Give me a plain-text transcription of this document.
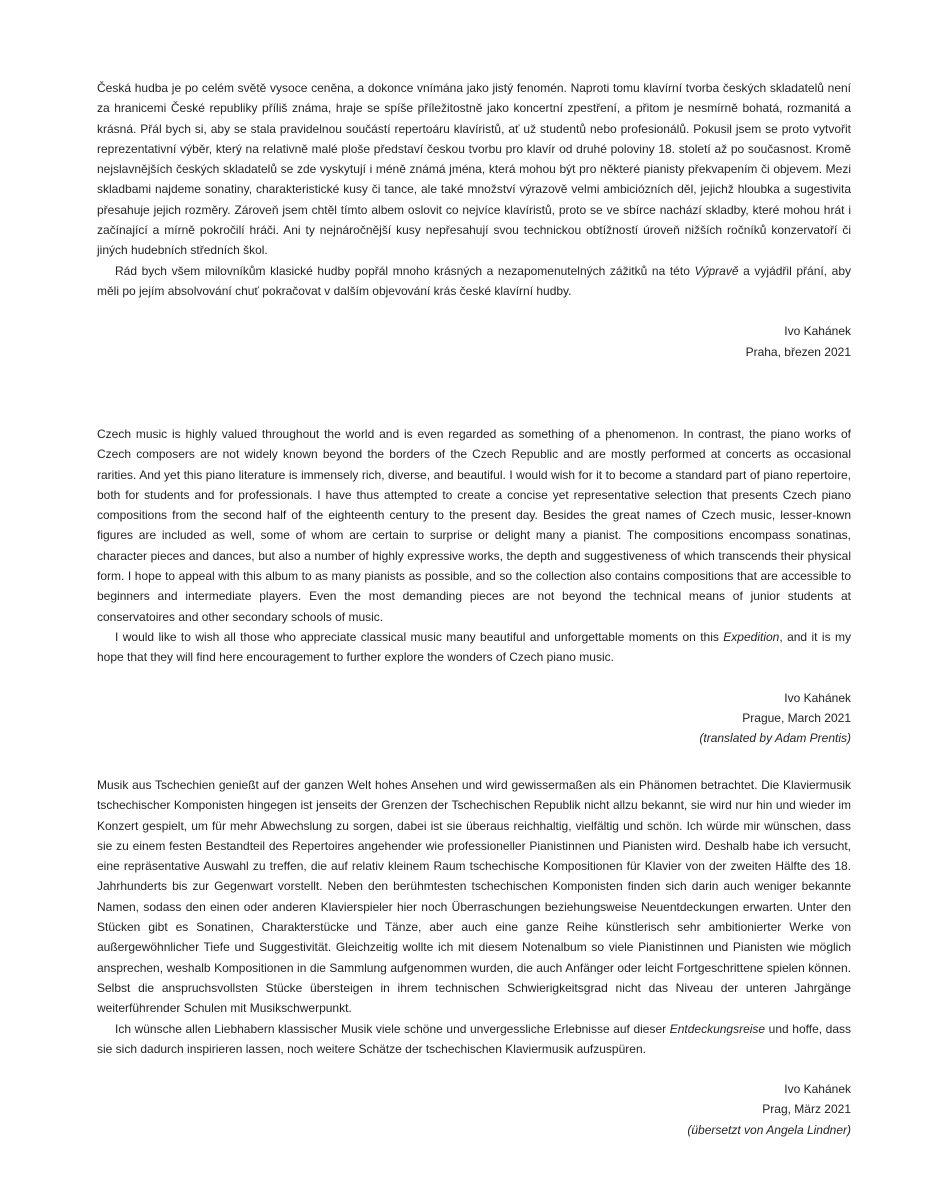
Česká hudba je po celém světě vysoce ceněna, a dokonce vnímána jako jistý fenomén. Naproti tomu klavírní tvorba českých skladatelů není za hranicemi České republiky příliš známa, hraje se spíše příležitostně jako koncertní zpestření, a přitom je nesmírně bohatá, rozmanitá a krásná. Přál bych si, aby se stala pravidelnou součástí repertoáru klavíristů, ať už studentů nebo profesionálů. Pokusil jsem se proto vytvořit reprezentativní výběr, který na relativně malé ploše představí českou tvorbu pro klavír od druhé poloviny 18. století až po současnost. Kromě nejslavnějších českých skladatelů se zde vyskytují i méně známá jména, která mohou být pro některé pianisty překvapením či objevem. Mezi skladbami najdeme sonatiny, charakteristické kusy či tance, ale také množství výrazově velmi ambiciózních děl, jejichž hloubka a sugestivita přesahuje jejich rozměry. Zároveň jsem chtěl tímto albem oslovit co nejvíce klavíristů, proto se ve sbírce nachází skladby, které mohou hrát i začínající a mírně pokročilí hráči. Ani ty nejnáročnější kusy nepřesahují svou technickou obtížností úroveň nižších ročníků konzervatoří či jiných hudebních středních škol.

Rád bych všem milovníkům klasické hudby popřál mnoho krásných a nezapomenutelných zážitků na této Výpravě a vyjádřil přání, aby měli po jejím absolvování chuť pokračovat v dalším objevování krás české klavírní hudby.

Ivo Kahánek
Praha, březen 2021

Czech music is highly valued throughout the world and is even regarded as something of a phenomenon. In contrast, the piano works of Czech composers are not widely known beyond the borders of the Czech Republic and are mostly performed at concerts as occasional rarities. And yet this piano literature is immensely rich, diverse, and beautiful. I would wish for it to become a standard part of piano repertoire, both for students and for professionals. I have thus attempted to create a concise yet representative selection that presents Czech piano compositions from the second half of the eighteenth century to the present day. Besides the great names of Czech music, lesser-known figures are included as well, some of whom are certain to surprise or delight many a pianist. The compositions encompass sonatinas, character pieces and dances, but also a number of highly expressive works, the depth and suggestiveness of which transcends their physical form. I hope to appeal with this album to as many pianists as possible, and so the collection also contains compositions that are accessible to beginners and intermediate players. Even the most demanding pieces are not beyond the technical means of junior students at conservatoires and other secondary schools of music.

I would like to wish all those who appreciate classical music many beautiful and unforgettable moments on this Expedition, and it is my hope that they will find here encouragement to further explore the wonders of Czech piano music.

Ivo Kahánek
Prague, March 2021
(translated by Adam Prentis)

Musik aus Tschechien genießt auf der ganzen Welt hohes Ansehen und wird gewissermaßen als ein Phänomen betrachtet. Die Klaviermusik tschechischer Komponisten hingegen ist jenseits der Grenzen der Tschechischen Republik nicht allzu bekannt, sie wird nur hin und wieder im Konzert gespielt, um für mehr Abwechslung zu sorgen, dabei ist sie überaus reichhaltig, vielfältig und schön. Ich würde mir wünschen, dass sie zu einem festen Bestandteil des Repertoires angehender wie professioneller Pianistinnen und Pianisten wird. Deshalb habe ich versucht, eine repräsentative Auswahl zu treffen, die auf relativ kleinem Raum tschechische Kompositionen für Klavier von der zweiten Hälfte des 18. Jahrhunderts bis zur Gegenwart vorstellt. Neben den berühmtesten tschechischen Komponisten finden sich darin auch weniger bekannte Namen, sodass den einen oder anderen Klavierspieler hier noch Überraschungen beziehungsweise Neuentdeckungen erwarten. Unter den Stücken gibt es Sonatinen, Charakterstücke und Tänze, aber auch eine ganze Reihe künstlerisch sehr ambitionierter Werke von außergewöhnlicher Tiefe und Suggestivität. Gleichzeitig wollte ich mit diesem Notenalbum so viele Pianistinnen und Pianisten wie möglich ansprechen, weshalb Kompositionen in die Sammlung aufgenommen wurden, die auch Anfänger oder leicht Fortgeschrittene spielen können. Selbst die anspruchsvollsten Stücke übersteigen in ihrem technischen Schwierigkeitsgrad nicht das Niveau der unteren Jahrgänge weiterführender Schulen mit Musikschwerpunkt.

Ich wünsche allen Liebhabern klassischer Musik viele schöne und unvergessliche Erlebnisse auf dieser Entdeckungsreise und hoffe, dass sie sich dadurch inspirieren lassen, noch weitere Schätze der tschechischen Klaviermusik aufzuspüren.

Ivo Kahánek
Prag, März 2021
(übersetzt von Angela Lindner)
